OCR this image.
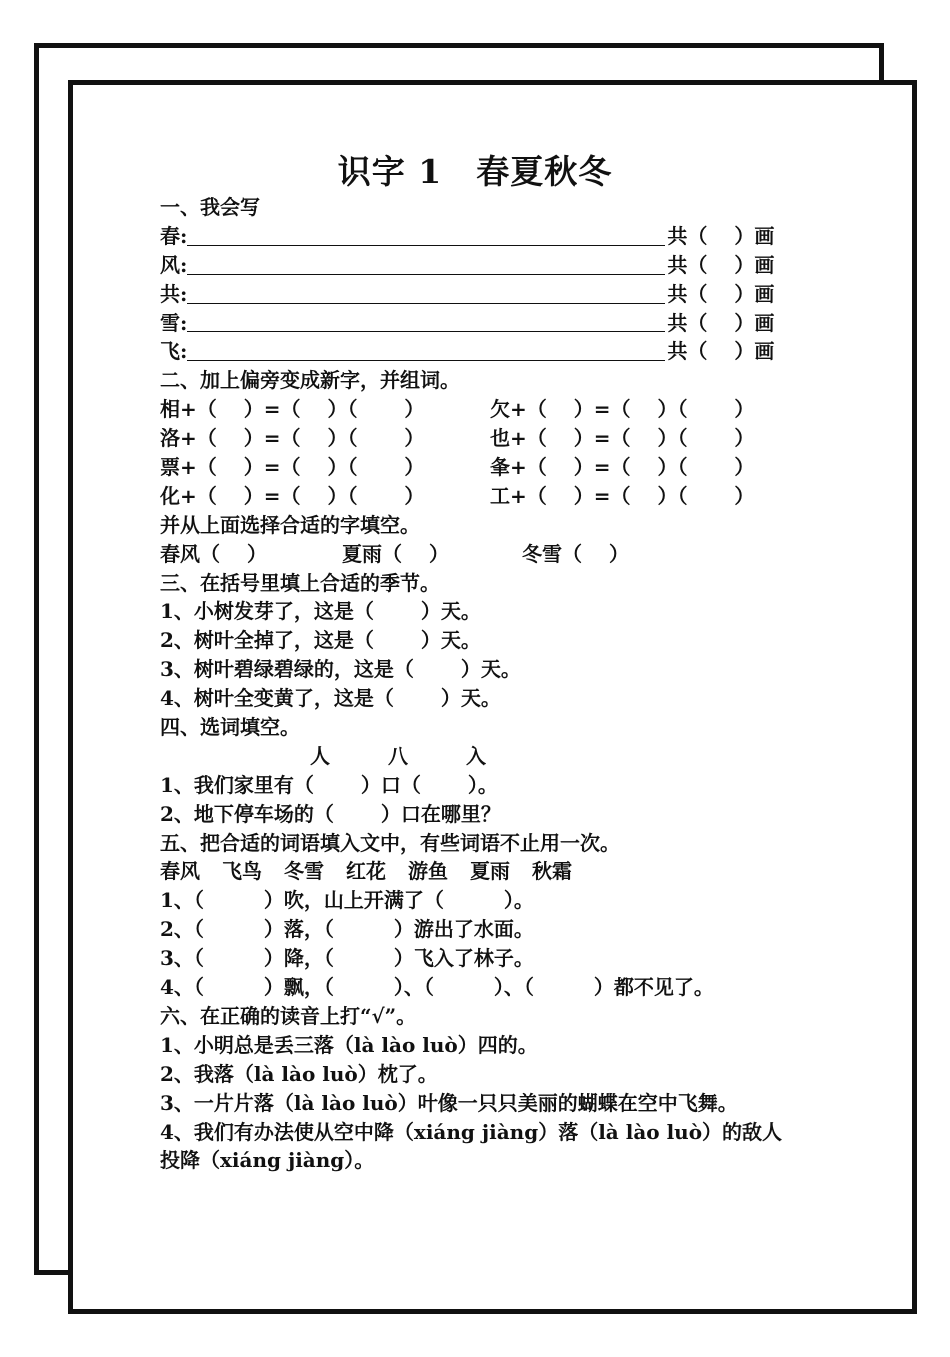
识字 1 春夏秋冬
一、我会写
春:	共（　 ）画
风:	共（　 ）画
共:	共（　 ）画
雪:	共（　 ）画
飞:	共（　 ）画
二、加上偏旁变成新字，并组词。
相+（　 ）=（　 ）（　　 ）	欠+（　 ）=（　 ）（　　 ）
洛+（　 ）=（　 ）（　　 ）	也+（　 ）=（　 ）（　　 ）
票+（　 ）=（　 ）（　　 ）	夆+（　 ）=（　 ）（　　 ）
化+（　 ）=（　 ）（　　 ）	工+（　 ）=（　 ）（　　 ）
并从上面选择合适的字填空。
春风（　 ）	夏雨（　 ）	冬雪（　 ）
三、在括号里填上合适的季节。
1、小树发芽了，这是（　　 ）天。
2、树叶全掉了，这是（　　 ）天。
3、树叶碧绿碧绿的，这是（　　 ）天。
4、树叶全变黄了，这是（　　 ）天。
四、选词填空。
人	八	入
1、我们家里有（　　 ）口（　　 ）。
2、地下停车场的（　　 ）口在哪里？
五、把合适的词语填入文中，有些词语不止用一次。
春风 飞鸟 冬雪 红花 游鱼 夏雨 秋霜
1、（　　　）吹，山上开满了（　　　）。
2、（　　　）落，（　　　）游出了水面。
3、（　　　）降，（　　　）飞入了林子。
4、（　　　）飘，（　　　）、（　　　）、（　　　）都不见了。
六、在正确的读音上打“√”。
1、小明总是丢三落（là lào luò）四的。
2、我落（là lào luò）枕了。
3、一片片落（là lào luò）叶像一只只美丽的蝴蝶在空中飞舞。
4、我们有办法使从空中降（xiáng jiàng）落（là lào luò）的敌人
投降（xiáng jiàng）。
